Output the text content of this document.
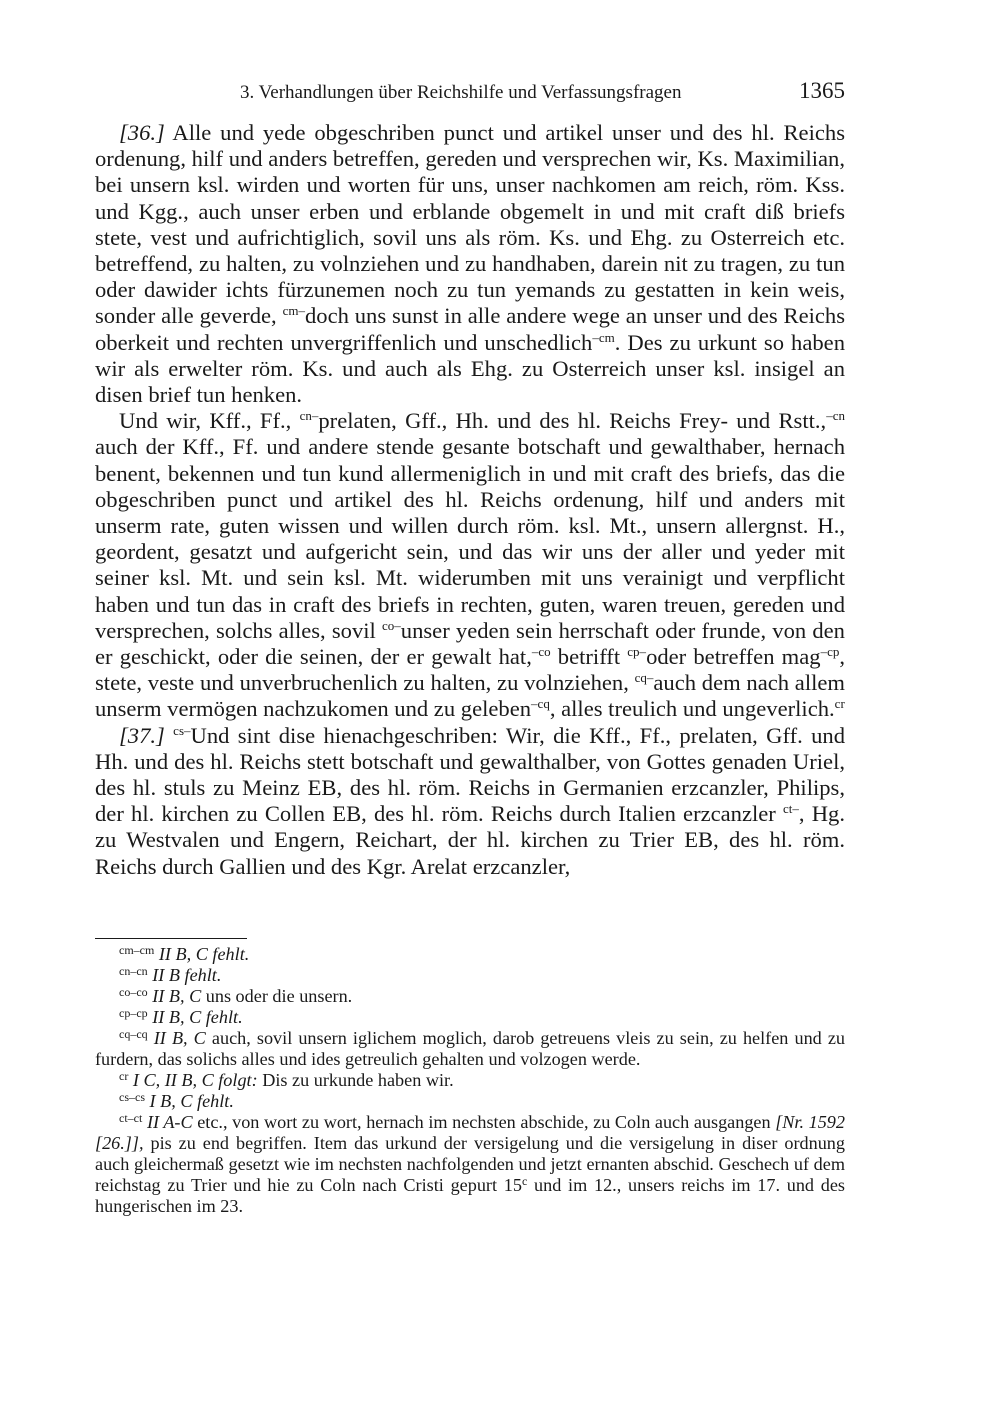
3. Verhandlungen über Reichshilfe und Verfassungsfragen	1365

[36.] Alle und yede obgeschriben punct und artikel unser und des hl. Reichs ordenung, hilf und anders betreffen, gereden und versprechen wir, Ks. Maximilian, bei unsern ksl. wirden und worten für uns, unser nachkomen am reich, röm. Kss. und Kgg., auch unser erben und erblande obgemelt in und mit craft diß briefs stete, vest und aufrichtiglich, sovil uns als röm. Ks. und Ehg. zu Osterreich etc. betreffend, zu halten, zu volnziehen und zu handhaben, darein nit zu tragen, zu tun oder dawider ichts fürzunemen noch zu tun yemands zu gestatten in kein weis, sonder alle geverde, $^{cm-}$doch uns sunst in alle andere wege an unser und des Reichs oberkeit und rechten unvergriffenlich und unschedlich$^{-cm}$. Des zu urkunt so haben wir als erwelter röm. Ks. und auch als Ehg. zu Osterreich unser ksl. insigel an disen brief tun henken.

Und wir, Kff., Ff., $^{cn-}$prelaten, Gff., Hh. und des hl. Reichs Frey- und Rstt.,$^{-cn}$ auch der Kff., Ff. und andere stende gesante botschaft und gewalthaber, hernach benent, bekennen und tun kund allermeniglich in und mit craft des briefs, das die obgeschriben punct und artikel des hl. Reichs ordenung, hilf und anders mit unserm rate, guten wissen und willen durch röm. ksl. Mt., unsern allergnst. H., geordent, gesatzt und aufgericht sein, und das wir uns der aller und yeder mit seiner ksl. Mt. und sein ksl. Mt. widerumben mit uns verainigt und verpflicht haben und tun das in craft des briefs in rechten, guten, waren treuen, gereden und versprechen, solchs alles, sovil $^{co-}$unser yeden sein herrschaft oder frunde, von den er geschickt, oder die seinen, der er gewalt hat,$^{-co}$ betrifft $^{cp-}$oder betreffen mag$^{-cp}$, stete, veste und unverbruchenlich zu halten, zu volnziehen, $^{cq-}$auch dem nach allem unserm vermögen nachzukomen und zu geleben$^{-cq}$, alles treulich und ungeverlich.$^{cr}$

[37.] $^{cs-}$Und sint dise hienachgeschriben: Wir, die Kff., Ff., prelaten, Gff. und Hh. und des hl. Reichs stett botschaft und gewalthalber, von Gottes genaden Uriel, des hl. stuls zu Meinz EB, des hl. röm. Reichs in Germanien erzcanzler, Philips, der hl. kirchen zu Collen EB, des hl. röm. Reichs durch Italien erzcanzler $^{ct-}$, Hg. zu Westvalen und Engern, Reichart, der hl. kirchen zu Trier EB, des hl. röm. Reichs durch Gallien und des Kgr. Arelat erzcanzler,

$^{cm-cm}$ II B, C fehlt.

$^{cn-cn}$ II B fehlt.

$^{co-co}$ II B, C uns oder die unsern.

$^{cp-cp}$ II B, C fehlt.

$^{cq-cq}$ II B, C auch, sovil unsern iglichem moglich, darob getreuens vleis zu sein, zu helfen und zu furdern, das solichs alles und ides getreulich gehalten und volzogen werde.

$^{cr}$ I C, II B, C folgt: Dis zu urkunde haben wir.

$^{cs-cs}$ I B, C fehlt.

$^{ct-ct}$ II A-C etc., von wort zu wort, hernach im nechsten abschide, zu Coln auch ausgangen [Nr. 1592 [26.]], pis zu end begriffen. Item das urkund der versigelung und die versigelung in diser ordnung auch gleichermaß gesetzt wie im nechsten nachfolgenden und jetzt ernanten abschid. Geschech uf dem reichstag zu Trier und hie zu Coln nach Cristi gepurt 15$^c$ und im 12., unsers reichs im 17. und des hungerischen im 23.
